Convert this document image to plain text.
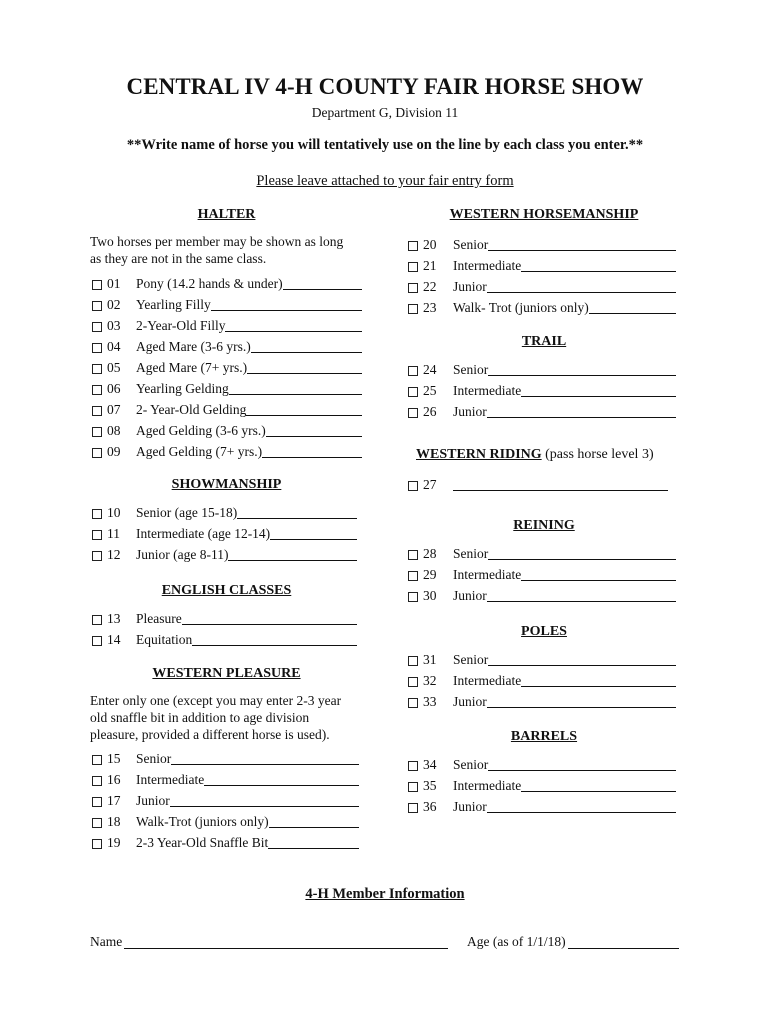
CENTRAL IV 4-H COUNTY FAIR HORSE SHOW
Department G, Division 11
**Write name of horse you will tentatively use on the line by each class you enter.**
Please leave attached to your fair entry form
HALTER
Two horses per member may be shown as long
as they are not in the same class.
01 Pony (14.2 hands & under)
02 Yearling Filly
03 2-Year-Old Filly
04 Aged Mare (3-6 yrs.)
05 Aged Mare (7+ yrs.)
06 Yearling Gelding
07 2- Year-Old Gelding
08 Aged Gelding (3-6 yrs.)
09 Aged Gelding (7+ yrs.)
SHOWMANSHIP
10 Senior (age 15-18)
11 Intermediate (age 12-14)
12 Junior (age 8-11)
ENGLISH CLASSES
13 Pleasure
14 Equitation
WESTERN PLEASURE
Enter only one (except you may enter 2-3 year
old snaffle bit in addition to age division
pleasure, provided a different horse is used).
15 Senior
16 Intermediate
17 Junior
18 Walk-Trot (juniors only)
19 2-3 Year-Old Snaffle Bit
WESTERN HORSEMANSHIP
20 Senior
21 Intermediate
22 Junior
23 Walk- Trot (juniors only)
TRAIL
24 Senior
25 Intermediate
26 Junior
WESTERN RIDING (pass horse level 3)
27
REINING
28 Senior
29 Intermediate
30 Junior
POLES
31 Senior
32 Intermediate
33 Junior
BARRELS
34 Senior
35 Intermediate
36 Junior
4-H Member Information
Name	Age (as of 1/1/18)
